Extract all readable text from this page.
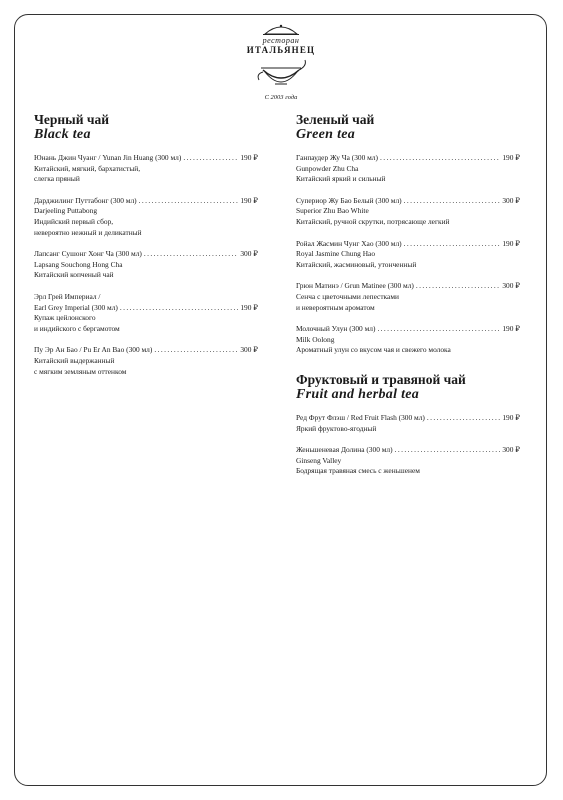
ресторан
ИТАЛЬЯНЕЦ
С 2003 года
Черный чай
Black tea
Юнань Джин Чуанг / Yunan Jin Huang (300 мл) .....	190 ₽
Китайский, мягкий, бархатистый,
слегка пряный
Дарджилинг Путтабонг (300 мл) .....	190 ₽
Darjeeling Puttabong
Индийский первый сбор,
невероятно нежный и деликатный
Лапсанг Сушонг Хонг Ча (300 мл) .....	300 ₽
Lapsang Souchong Hong Cha
Китайский копченый чай
Эрл Грей Империал /
Earl Grey Imperial (300 мл) .....	190 ₽
Купаж цейлонского
и индийского с бергамотом
Пу Эр Ан Бао / Pu Er An Bao (300 мл) .....	300 ₽
Китайский выдержанный
с мягким земляным оттенком
Зеленый чай
Green tea
Ганпаудер Жу Ча (300 мл) .....	190 ₽
Gunpowder Zhu Cha
Китайский яркий и сильный
Супериор Жу Бао Белый (300 мл) .....	300 ₽
Superior Zhu Bao White
Китайский, ручной скрутки, потрясающе легкий
Ройал Жасмин Чунг Хао (300 мл) .....	190 ₽
Royal Jasmine Chung Hao
Китайский, жасминовый, утонченный
Грюн Матинэ / Grun Matinee (300 мл) .....	300 ₽
Сенча с цветочными лепестками
и невероятным ароматом
Молочный Улун (300 мл) .....	190 ₽
Milk Oolong
Ароматный улун со вкусом чая и свежего молока
Фруктовый и травяной чай
Fruit and herbal tea
Ред Фрут Флэш / Red Fruit Flash (300 мл) .....	190 ₽
Яркий фруктово-ягодный
Женьшеневая Долина (300 мл) .....	300 ₽
Ginseng Valley
Бодрящая травяная смесь с женьшенем
